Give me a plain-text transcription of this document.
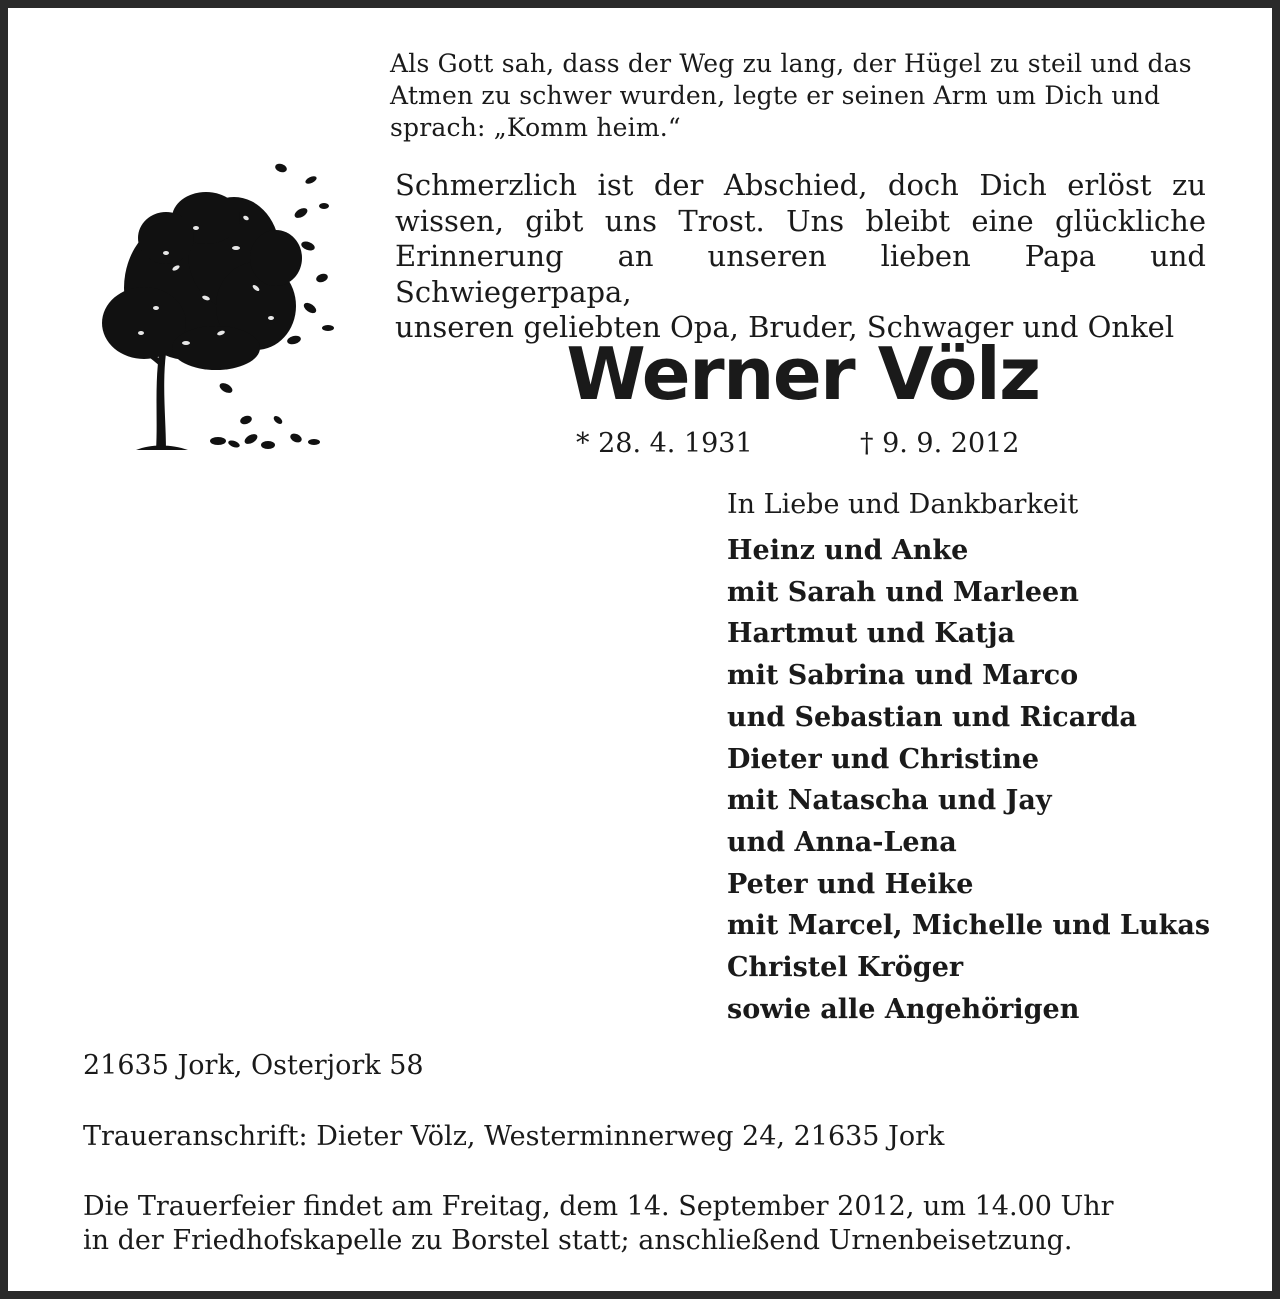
Als Gott sah, dass der Weg zu lang, der Hügel zu steil und das
Atmen zu schwer wurden, legte er seinen Arm um Dich und
sprach: „Komm heim.“
Schmerzlich ist der Abschied, doch Dich erlöst zu
wissen, gibt uns Trost. Uns bleibt eine glückliche
Erinnerung an unseren lieben Papa und Schwiegerpapa,
unseren geliebten Opa, Bruder, Schwager und Onkel
Werner Völz
* 28. 4. 1931	† 9. 9. 2012
In Liebe und Dankbarkeit
Heinz und Anke
mit Sarah und Marleen
Hartmut und Katja
mit Sabrina und Marco
und Sebastian und Ricarda
Dieter und Christine
mit Natascha und Jay
und Anna-Lena
Peter und Heike
mit Marcel, Michelle und Lukas
Christel Kröger
sowie alle Angehörigen
21635 Jork, Osterjork 58
Traueranschrift: Dieter Völz, Westerminnerweg 24, 21635 Jork
Die Trauerfeier findet am Freitag, dem 14. September 2012, um 14.00 Uhr
in der Friedhofskapelle zu Borstel statt; anschließend Urnenbeisetzung.
